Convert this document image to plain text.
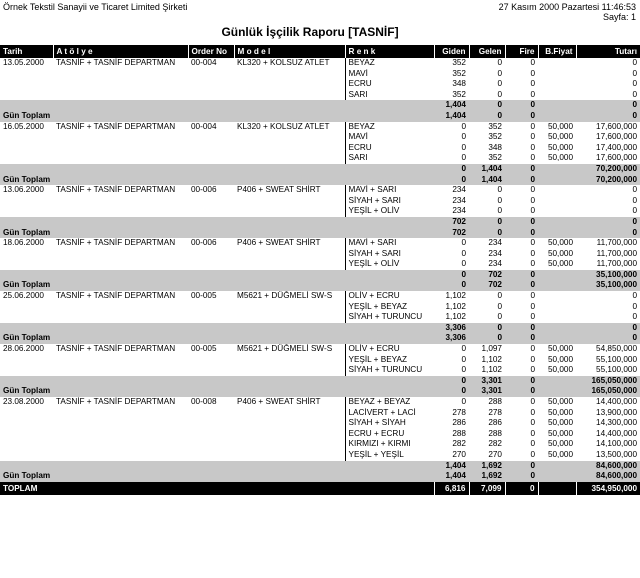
Örnek Tekstil Sanayii ve Ticaret Limited Şirketi	27 Kasım 2000 Pazartesi 11:46:53
Sayfa: 1
Günlük İşçilik Raporu [TASNİF]
Tarih	A t ö l y e	Order No	M o d e l	R e n k	Giden	Gelen	Fire	B.Fiyat	Tutarı
13.05.2000	TASNİF + TASNİF DEPARTMAN	00-004	KL320 + KOLSUZ ATLET	BEYAZ	352	0	0		0
				MAVİ	352	0	0		0
				ECRU	348	0	0		0
				SARI	352	0	0		0
					1,404	0	0		0
Gün Toplam					1,404	0	0		0
16.05.2000	TASNİF + TASNİF DEPARTMAN	00-004	KL320 + KOLSUZ ATLET	BEYAZ	0	352	0	50,000	17,600,000
				MAVİ	0	352	0	50,000	17,600,000
				ECRU	0	348	0	50,000	17,400,000
				SARI	0	352	0	50,000	17,600,000
					0	1,404	0		70,200,000
Gün Toplam					0	1,404	0		70,200,000
13.06.2000	TASNİF + TASNİF DEPARTMAN	00-006	P406 + SWEAT SHİRT	MAVİ + SARI	234	0	0		0
				SİYAH + SARI	234	0	0		0
				YEŞİL + OLİV	234	0	0		0
					702	0	0		0
Gün Toplam					702	0	0		0
18.06.2000	TASNİF + TASNİF DEPARTMAN	00-006	P406 + SWEAT SHİRT	MAVİ + SARI	0	234	0	50,000	11,700,000
				SİYAH + SARI	0	234	0	50,000	11,700,000
				YEŞİL + OLİV	0	234	0	50,000	11,700,000
					0	702	0		35,100,000
Gün Toplam					0	702	0		35,100,000
25.06.2000	TASNİF + TASNİF DEPARTMAN	00-005	M5621 + DÜĞMELİ SW-S	OLİV + ECRU	1,102	0	0		0
				YEŞİL + BEYAZ	1,102	0	0		0
				SİYAH + TURUNCU	1,102	0	0		0
					3,306	0	0		0
Gün Toplam					3,306	0	0		0
28.06.2000	TASNİF + TASNİF DEPARTMAN	00-005	M5621 + DÜĞMELİ SW-S	OLİV + ECRU	0	1,097	0	50,000	54,850,000
				YEŞİL + BEYAZ	0	1,102	0	50,000	55,100,000
				SİYAH + TURUNCU	0	1,102	0	50,000	55,100,000
					0	3,301	0		165,050,000
Gün Toplam					0	3,301	0		165,050,000
23.08.2000	TASNİF + TASNİF DEPARTMAN	00-008	P406 + SWEAT SHİRT	BEYAZ + BEYAZ	0	288	0	50,000	14,400,000
				LACİVERT + LACİ	278	278	0	50,000	13,900,000
				SİYAH + SİYAH	286	286	0	50,000	14,300,000
				ECRU + ECRU	288	288	0	50,000	14,400,000
				KIRMIZI + KIRMI	282	282	0	50,000	14,100,000
				YEŞİL + YEŞİL	270	270	0	50,000	13,500,000
					1,404	1,692	0		84,600,000
Gün Toplam					1,404	1,692	0		84,600,000
TOPLAM					6,816	7,099	0		354,950,000
